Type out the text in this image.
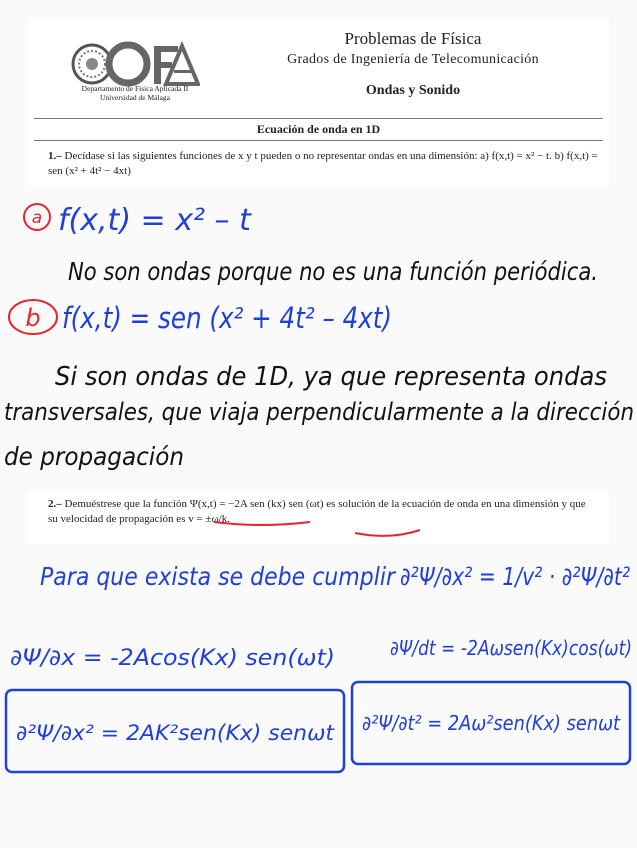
Departamento de Física Aplicada II
Universidad de Málaga
Problemas de Física
Grados de Ingeniería de Telecomunicación
Ondas y Sonido
Ecuación de onda en 1D
1.– Decídase si las siguientes funciones de x y t pueden o no representar ondas en una dimensión: a) f(x,t) = x² − t. b) f(x,t) = sen (x² + 4t² − 4xt)
2.– Demuéstrese que la función Ψ(x,t) = −2A sen (kx) sen (ωt) es solución de la ecuación de onda en una dimensión y que su velocidad de propagación es v = ±ω/k.
a f(x,t) = x² – t
No son ondas porque no es una función periódica.
b f(x,t) = sen (x² + 4t² – 4xt)
Si son ondas de 1D, ya que representa ondas
transversales, que viaja perpendicularmente a la dirección
de propagación
Para que exista se debe cumplir ∂²Ψ/∂x² = 1/v² · ∂²Ψ/∂t²
∂Ψ/∂x = -2Acos(Kx) sen(ωt)	∂Ψ/dt = -2Aωsen(Kx)cos(ωt)
∂²Ψ/∂x² = 2AK²sen(Kx) senωt ∂²Ψ/∂t² = 2Aω²sen(Kx) senωt
